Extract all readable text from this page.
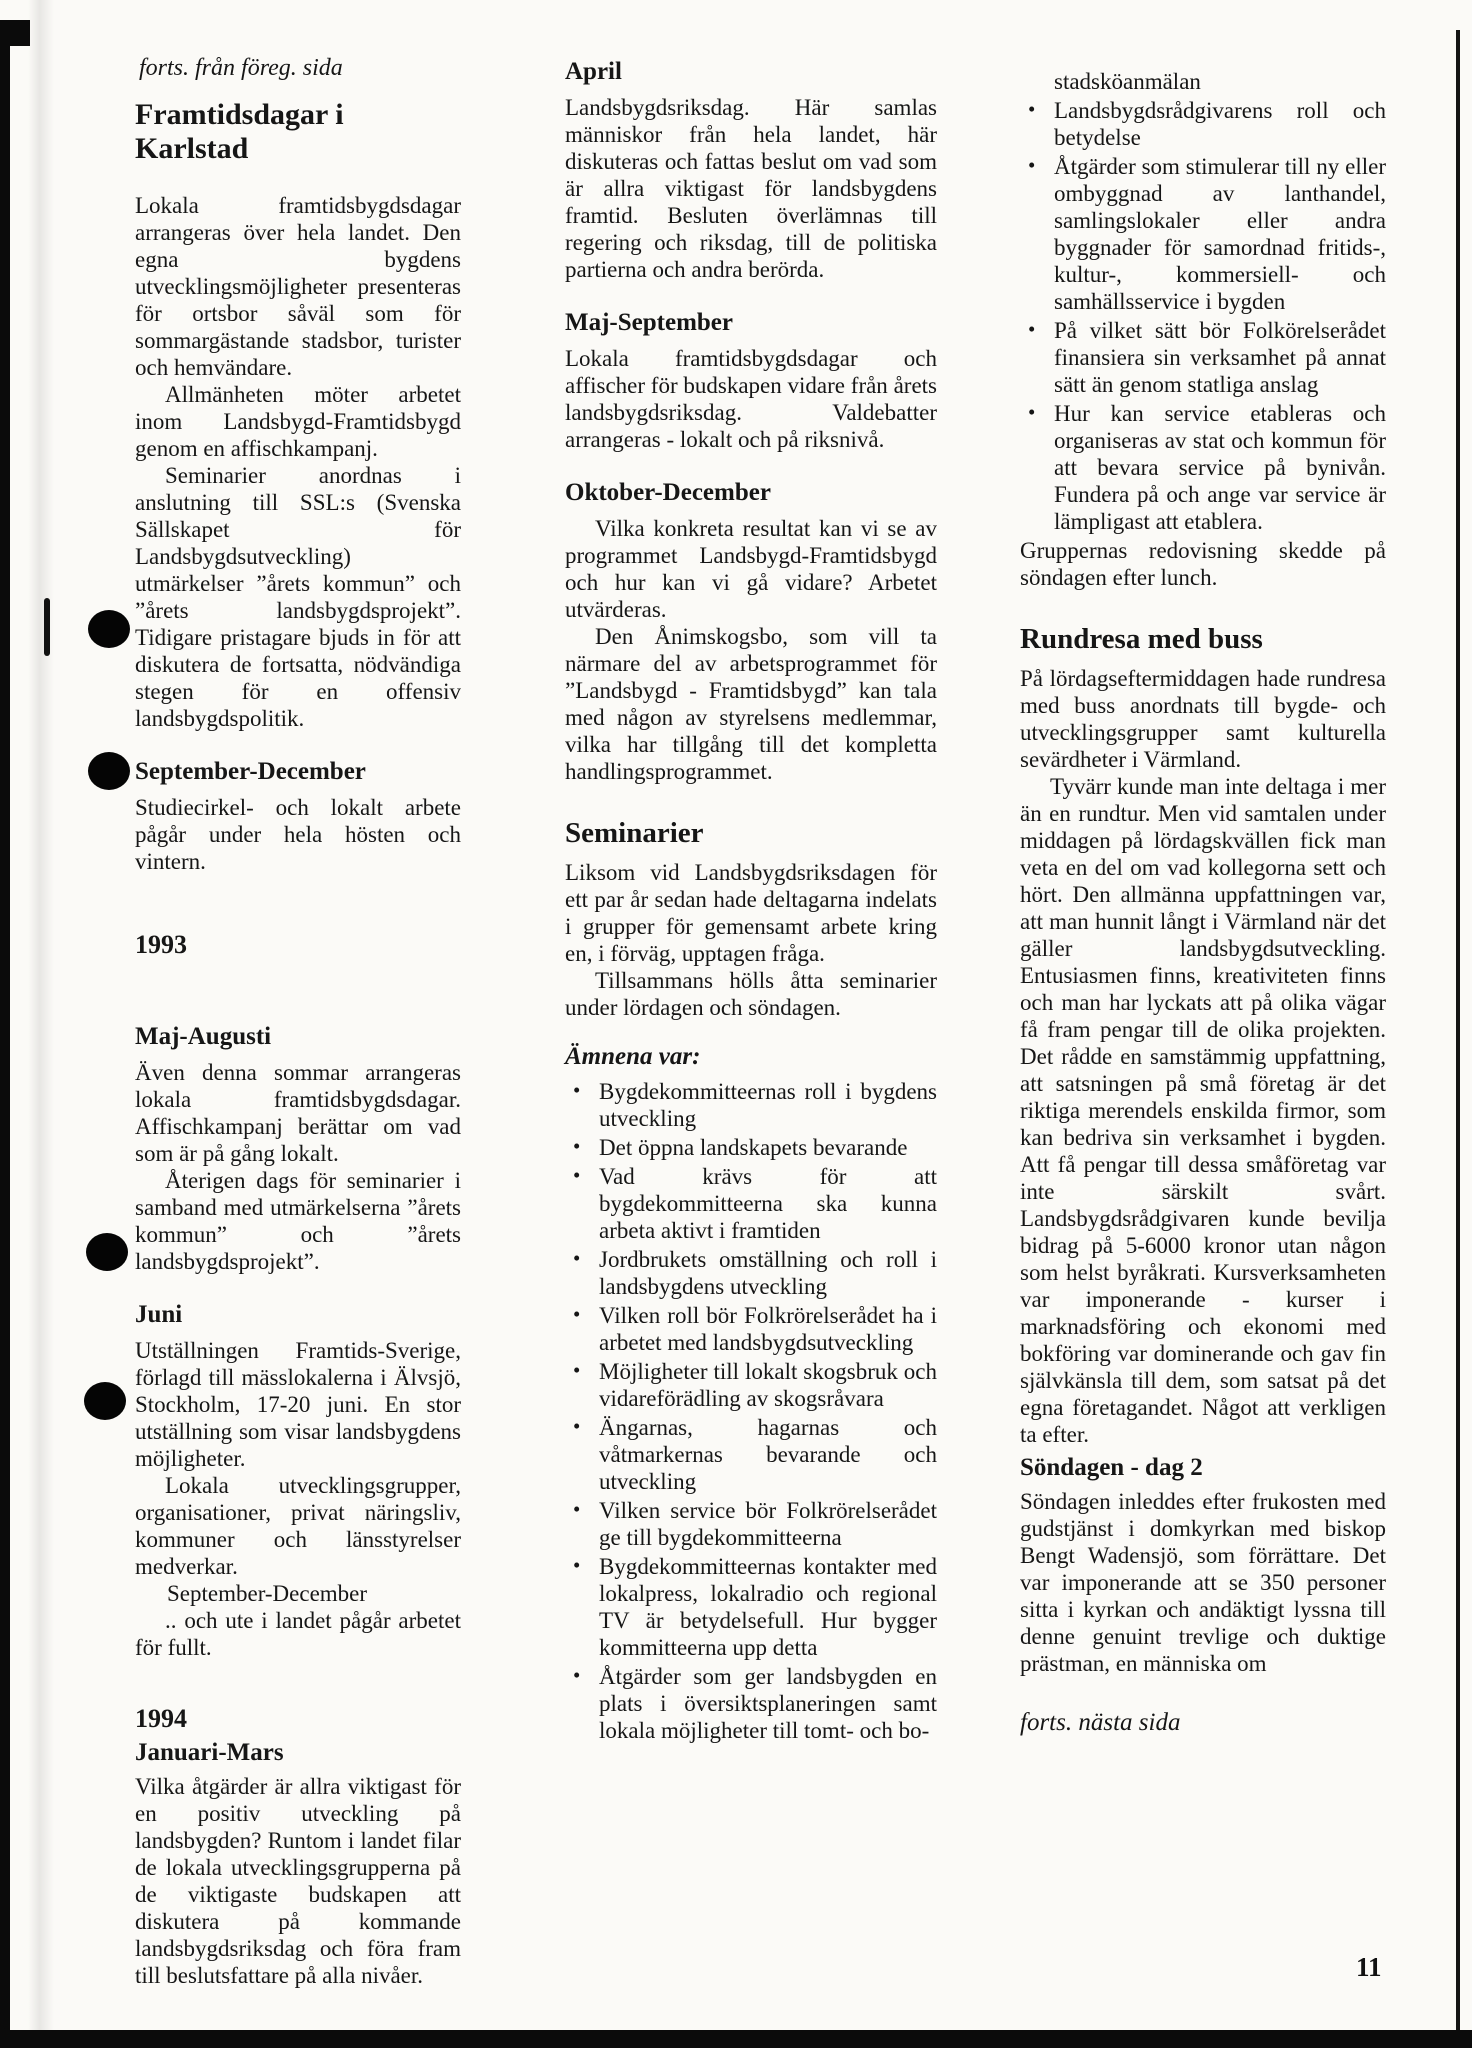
forts. från föreg. sida
Framtidsdagar i Karlstad
Lokala framtidsbygdsdagar arrangeras över hela landet. Den egna bygdens utvecklingsmöjligheter presenteras för ortsbor såväl som för sommargästande stadsbor, turister och hemvändare.
Allmänheten möter arbetet inom Landsbygd-Framtidsbygd genom en affischkampanj.
Seminarier anordnas i anslutning till SSL:s (Svenska Sällskapet för Landsbygdsutveckling) utmärkelser ”årets kommun” och ”årets landsbygdsprojekt”. Tidigare pristagare bjuds in för att diskutera de fortsatta, nödvändiga stegen för en offensiv landsbygdspolitik.
September-December
Studiecirkel- och lokalt arbete pågår under hela hösten och vintern.
1993
Maj-Augusti
Även denna sommar arrangeras lokala framtidsbygdsdagar. Affischkampanj berättar om vad som är på gång lokalt.
Återigen dags för seminarier i samband med utmärkelserna ”årets kommun” och ”årets landsbygdsprojekt”.
Juni
Utställningen Framtids-Sverige, förlagd till mässlokalerna i Älvsjö, Stockholm, 17-20 juni. En stor utställning som visar landsbygdens möjligheter.
Lokala utvecklingsgrupper, organisationer, privat näringsliv, kommuner och länsstyrelser medverkar.
September-December
.. och ute i landet pågår arbetet för fullt.
1994
Januari-Mars
Vilka åtgärder är allra viktigast för en positiv utveckling på landsbygden? Runtom i landet filar de lokala utvecklingsgrupperna på de viktigaste budskapen att diskutera på kommande landsbygdsriksdag och föra fram till beslutsfattare på alla nivåer.
April
Landsbygdsriksdag. Här samlas människor från hela landet, här diskuteras och fattas beslut om vad som är allra viktigast för landsbygdens framtid. Besluten överlämnas till regering och riksdag, till de politiska partierna och andra berörda.
Maj-September
Lokala framtidsbygdsdagar och affischer för budskapen vidare från årets landsbygdsriksdag. Valdebatter arrangeras - lokalt och på riksnivå.
Oktober-December
Vilka konkreta resultat kan vi se av programmet Landsbygd-Framtidsbygd och hur kan vi gå vidare? Arbetet utvärderas.
Den Ånimskogsbo, som vill ta närmare del av arbetsprogrammet för ”Landsbygd - Framtidsbygd” kan tala med någon av styrelsens medlemmar, vilka har tillgång till det kompletta handlingsprogrammet.
Seminarier
Liksom vid Landsbygdsriksdagen för ett par år sedan hade deltagarna indelats i grupper för gemensamt arbete kring en, i förväg, upptagen fråga.
Tillsammans hölls åtta seminarier under lördagen och söndagen.
Ämnena var:
• Bygdekommitteernas roll i bygdens utveckling
• Det öppna landskapets bevarande
• Vad krävs för att bygdekommitteerna ska kunna arbeta aktivt i framtiden
• Jordbrukets omställning och roll i landsbygdens utveckling
• Vilken roll bör Folkrörelserådet ha i arbetet med landsbygdsutveckling
• Möjligheter till lokalt skogsbruk och vidareförädling av skogsråvara
• Ängarnas, hagarnas och våtmarkernas bevarande och utveckling
• Vilken service bör Folkrörelserådet ge till bygdekommitteerna
• Bygdekommitteernas kontakter med lokalpress, lokalradio och regional TV är betydelsefull. Hur bygger kommitteerna upp detta
• Åtgärder som ger landsbygden en plats i översiktsplaneringen samt lokala möjligheter till tomt- och bo-
stadsköanmälan
• Landsbygdsrådgivarens roll och betydelse
• Åtgärder som stimulerar till ny eller ombyggnad av lanthandel, samlingslokaler eller andra byggnader för samordnad fritids-, kultur-, kommersiell- och samhällsservice i bygden
• På vilket sätt bör Folkörelserådet finansiera sin verksamhet på annat sätt än genom statliga anslag
• Hur kan service etableras och organiseras av stat och kommun för att bevara service på bynivån. Fundera på och ange var service är lämpligast att etablera.
Gruppernas redovisning skedde på söndagen efter lunch.
Rundresa med buss
På lördagseftermiddagen hade rundresa med buss anordnats till bygde- och utvecklingsgrupper samt kulturella sevärdheter i Värmland.
Tyvärr kunde man inte deltaga i mer än en rundtur. Men vid samtalen under middagen på lördagskvällen fick man veta en del om vad kollegorna sett och hört. Den allmänna uppfattningen var, att man hunnit långt i Värmland när det gäller landsbygdsutveckling. Entusiasmen finns, kreativiteten finns och man har lyckats att på olika vägar få fram pengar till de olika projekten. Det rådde en samstämmig uppfattning, att satsningen på små företag är det riktiga merendels enskilda firmor, som kan bedriva sin verksamhet i bygden. Att få pengar till dessa småföretag var inte särskilt svårt. Landsbygdsrådgivaren kunde bevilja bidrag på 5-6000 kronor utan någon som helst byråkrati. Kursverksamheten var imponerande - kurser i marknadsföring och ekonomi med bokföring var dominerande och gav fin självkänsla till dem, som satsat på det egna företagandet. Något att verkligen ta efter.
Söndagen - dag 2
Söndagen inleddes efter frukosten med gudstjänst i domkyrkan med biskop Bengt Wadensjö, som förrättare. Det var imponerande att se 350 personer sitta i kyrkan och andäktigt lyssna till denne genuint trevlige och duktige prästman, en människa om
forts. nästa sida
11
